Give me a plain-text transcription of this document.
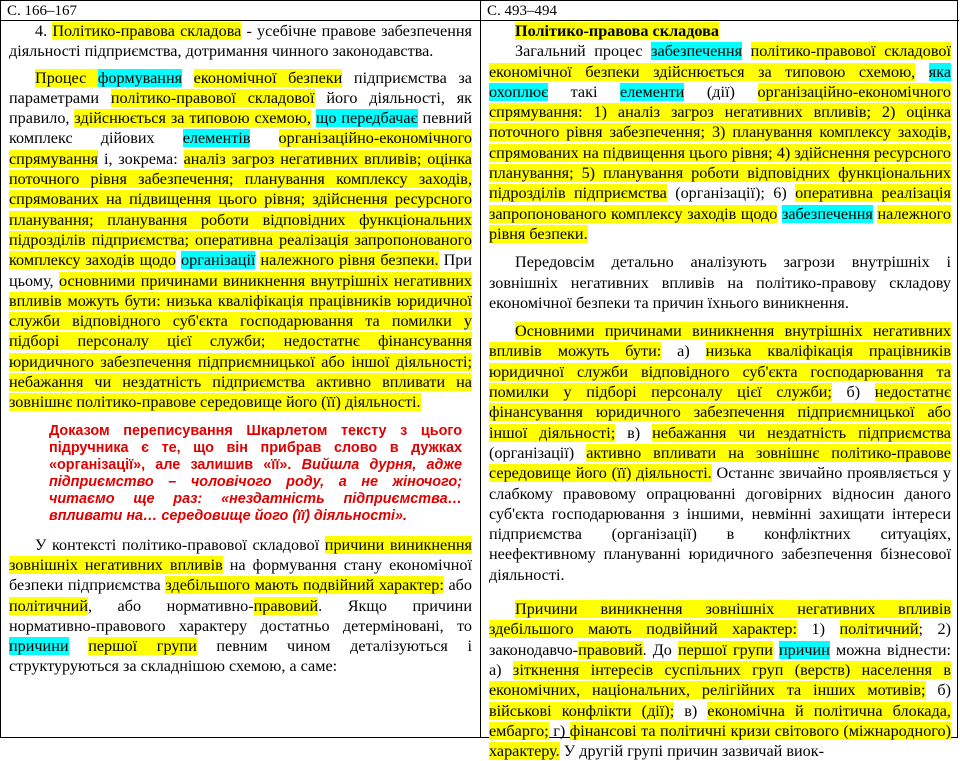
С. 166–167

4. Політико-правова складова - усебічне правове забезпечення діяльності підприємства, дотримання чинного законодавства.

Процес формування економічної безпеки підприємства за параметрами політико-правової складової його діяльності, як правило, здійснюється за типовою схемою, що передбачає певний комплекс дійових елементів організаційно-економічного спрямування і, зокрема: аналіз загроз негативних впливів; оцінка поточного рівня забезпечення; планування комплексу заходів, спрямованих на підвищення цього рівня; здійснення ресурсного планування; планування роботи відповідних функціональних підрозділів підприємства; оперативна реалізація запропонованого комплексу заходів щодо організації належного рівня безпеки. При цьому, основними причинами виникнення внутрішніх негативних впливів можуть бути: низька кваліфікація працівників юридичної служби відповідного суб'єкта господарювання та помилки у підборі персоналу цієї служби; недостатнє фінансування юридичного забезпечення підприємницької або іншої діяльності; небажання чи нездатність підприємства активно впливати на зовнішнє політико-правове середовище його (її) діяльності.

Доказом переписування Шкарлетом тексту з цього підручника є те, що він прибрав слово в дужках «організації», але залишив «її». Вийшла дурня, адже підприємство – чоловічого роду, а не жіночого; читаємо ще раз: «нездатність підприємства… впливати на… середовище його (її) діяльності».

У контексті політико-правової складової причини виникнення зовнішніх негативних впливів на формування стану економічної безпеки підприємства здебільшого мають подвійний характер: або політичний, або нормативно-правовий. Якщо причини нормативно-правового характеру достатньо детерміновані, то причини першої групи певним чином деталізуються і структуруються за складнішою схемою, а саме:

С. 493–494

Політико-правова складова

Загальний процес забезпечення політико-правової складової економічної безпеки здійснюється за типовою схемою, яка охоплює такі елементи (дії) організаційно-економічного спрямування: 1) аналіз загроз негативних впливів; 2) оцінка поточного рівня забезпечення; 3) планування комплексу заходів, спрямованих на підвищення цього рівня; 4) здійснення ресурсного планування; 5) планування роботи відповідних функціональних підрозділів підприємства (організації); 6) оперативна реалізація запропонованого комплексу заходів щодо забезпечення належного рівня безпеки.

Передовсім детально аналізують загрози внутрішніх і зовнішніх негативних впливів на політико-правову складову економічної безпеки та причин їхнього виникнення.

Основними причинами виникнення внутрішніх негативних впливів можуть бути: а) низька кваліфікація працівників юридичної служби відповідного суб'єкта господарювання та помилки у підборі персоналу цієї служби; б) недостатнє фінансування юридичного забезпечення підприємницької або іншої діяльності; в) небажання чи нездатність підприємства (організації) активно впливати на зовнішнє політико-правове середовище його (її) діяльності. Останнє звичайно проявляється у слабкому правовому опрацюванні договірних відносин даного суб'єкта господарювання з іншими, невмінні захищати інтереси підприємства (організації) в конфліктних ситуаціях, неефективному плануванні юридичного забезпечення бізнесової діяльності.

Причини виникнення зовнішніх негативних впливів здебільшого мають подвійний характер: 1) політичний; 2) законодавчо-правовий. До першої групи причин можна віднести: а) зіткнення інтересів суспільних груп (верств) населення в економічних, національних, релігійних та інших мотивів; б) військові конфлікти (дії); в) економічна й політична блокада, ембарго; г) фінансові та політичні кризи світового (міжнародного) характеру. У другій групі причин зазвичай виок-
